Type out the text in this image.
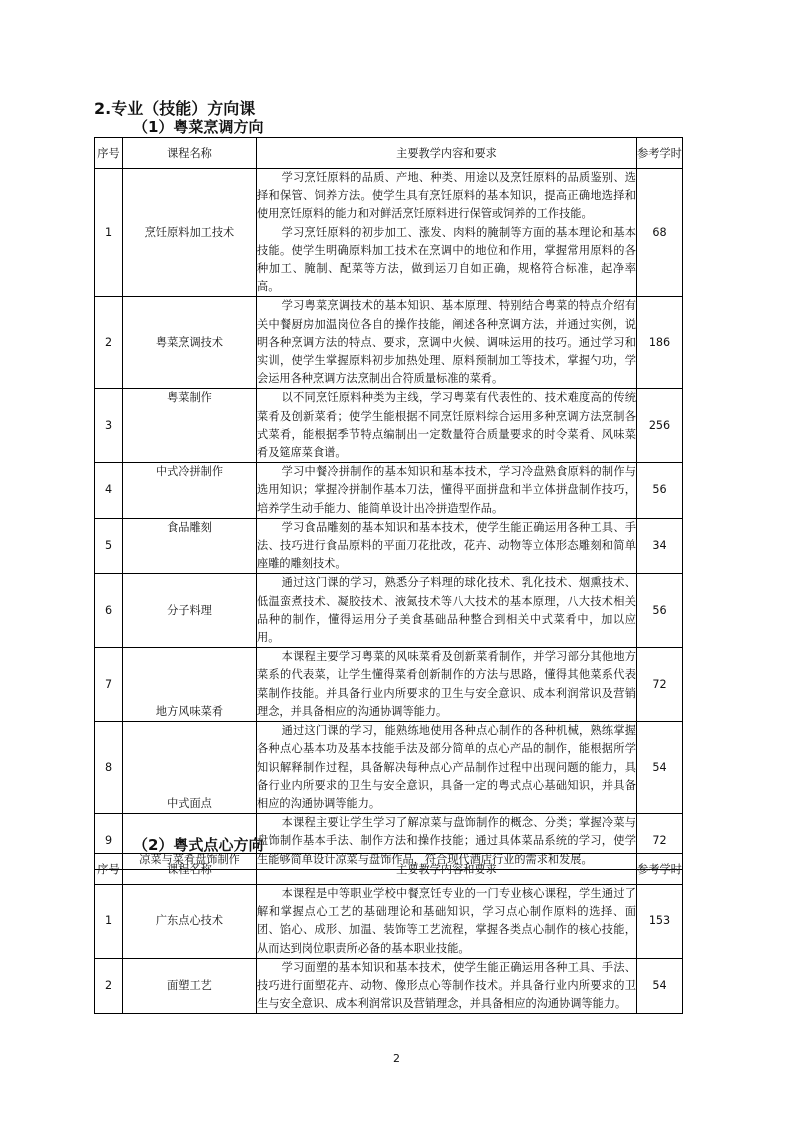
2.专业（技能）方向课
（1）粤菜烹调方向
序号	课程名称	主要教学内容和要求	参考学时
1	烹饪原料加工技术	学习烹饪原料的品质、产地、种类、用途以及烹饪原料的品质鉴别、选择和保管、饲养方法。使学生具有烹饪原料的基本知识，提高正确地选择和使用烹饪原料的能力和对鲜活烹饪原料进行保管或饲养的工作技能。

学习烹饪原料的初步加工、涨发、肉料的腌制等方面的基本理论和基本技能。使学生明确原料加工技术在烹调中的地位和作用，掌握常用原料的各种加工、腌制、配菜等方法，做到运刀自如正确，规格符合标准，起净率高。	68
2	粤菜烹调技术	学习粤菜烹调技术的基本知识、基本原理、特别结合粤菜的特点介绍有关中餐厨房加温岗位各自的操作技能，阐述各种烹调方法，并通过实例，说明各种烹调方法的特点、要求，烹调中火候、调味运用的技巧。通过学习和实训，使学生掌握原料初步加热处理、原料预制加工等技术，掌握勺功，学会运用各种烹调方法烹制出合符质量标准的菜肴。	186
3	粤菜制作	以不同烹饪原料种类为主线，学习粤菜有代表性的、技术难度高的传统菜肴及创新菜肴；使学生能根据不同烹饪原料综合运用多种烹调方法烹制各式菜肴，能根据季节特点编制出一定数量符合质量要求的时令菜肴、风味菜肴及筵席菜食谱。	256
4	中式冷拼制作	学习中餐冷拼制作的基本知识和基本技术，学习冷盘熟食原料的制作与选用知识；掌握冷拼制作基本刀法，懂得平面拼盘和半立体拼盘制作技巧，培养学生动手能力、能简单设计出冷拼造型作品。	56
5	食品雕刻	学习食品雕刻的基本知识和基本技术，使学生能正确运用各种工具、手法、技巧进行食品原料的平面刀花批改，花卉、动物等立体形态雕刻和简单座雕的雕刻技术。	34
6	分子料理	通过这门课的学习，熟悉分子料理的球化技术、乳化技术、烟熏技术、低温蛮煮技术、凝胶技术、液氮技术等八大技术的基本原理，八大技术相关品种的制作，懂得运用分子美食基础品种整合到相关中式菜肴中，加以应用。	56
7	地方风味菜肴	本课程主要学习粤菜的风味菜肴及创新菜肴制作，并学习部分其他地方菜系的代表菜，让学生懂得菜肴创新制作的方法与思路，懂得其他菜系代表菜制作技能。并具备行业内所要求的卫生与安全意识、成本利润常识及营销理念，并具备相应的沟通协调等能力。	72
8	中式面点	通过这门课的学习，能熟练地使用各种点心制作的各种机械，熟练掌握各种点心基本功及基本技能手法及部分简单的点心产品的制作，能根据所学知识解释制作过程，具备解决每种点心产品制作过程中出现问题的能力，具备行业内所要求的卫生与安全意识，具备一定的粤式点心基础知识，并具备相应的沟通协调等能力。	54
9	凉菜与菜肴盘饰制作	本课程主要让学生学习了解凉菜与盘饰制作的概念、分类；掌握冷菜与盘饰制作基本手法、制作方法和操作技能；通过具体菜品系统的学习，使学生能够简单设计凉菜与盘饰作品，符合现代酒店行业的需求和发展。	72
（2）粤式点心方向
序号	课程名称	主要教学内容和要求	参考学时
1	广东点心技术	本课程是中等职业学校中餐烹饪专业的一门专业核心课程，学生通过了解和掌握点心工艺的基础理论和基础知识，学习点心制作原料的选择、面团、馅心、成形、加温、装饰等工艺流程，掌握各类点心制作的核心技能，从而达到岗位职责所必备的基本职业技能。	153
2	面塑工艺	学习面塑的基本知识和基本技术，使学生能正确运用各种工具、手法、技巧进行面塑花卉、动物、像形点心等制作技术。并具备行业内所要求的卫生与安全意识、成本利润常识及营销理念，并具备相应的沟通协调等能力。	54
2
